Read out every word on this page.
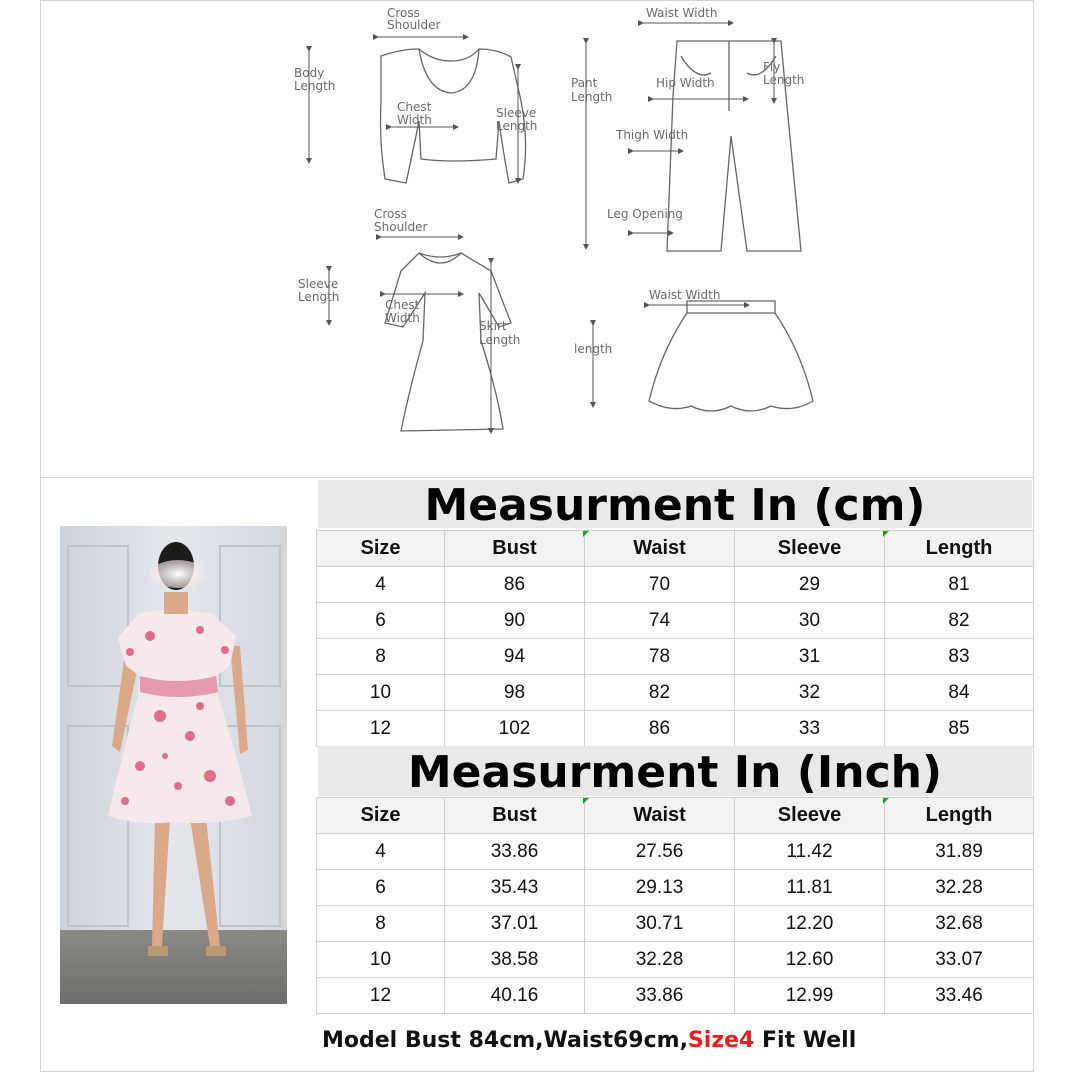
Cross
Shoulder
Body
Length
Chest
Width	Sleeve
Length
Waist Width
Fly
Length
Pant
Length
Hip Width
Thigh Width
Leg Opening
Cross
Shoulder
Sleeve
Length
Chest
Width
Skirt
Length
Waist Width
length
Measurment In (cm)
Size	Bust	Waist	Sleeve	Length
4	86	70	29	81
6	90	74	30	82
8	94	78	31	83
10	98	82	32	84
12	102	86	33	85
Measurment In (Inch)
Size	Bust	Waist	Sleeve	Length
4	33.86	27.56	11.42	31.89
6	35.43	29.13	11.81	32.28
8	37.01	30.71	12.20	32.68
10	38.58	32.28	12.60	33.07
12	40.16	33.86	12.99	33.46
Model Bust 84cm,Waist69cm,Size4 Fit Well
